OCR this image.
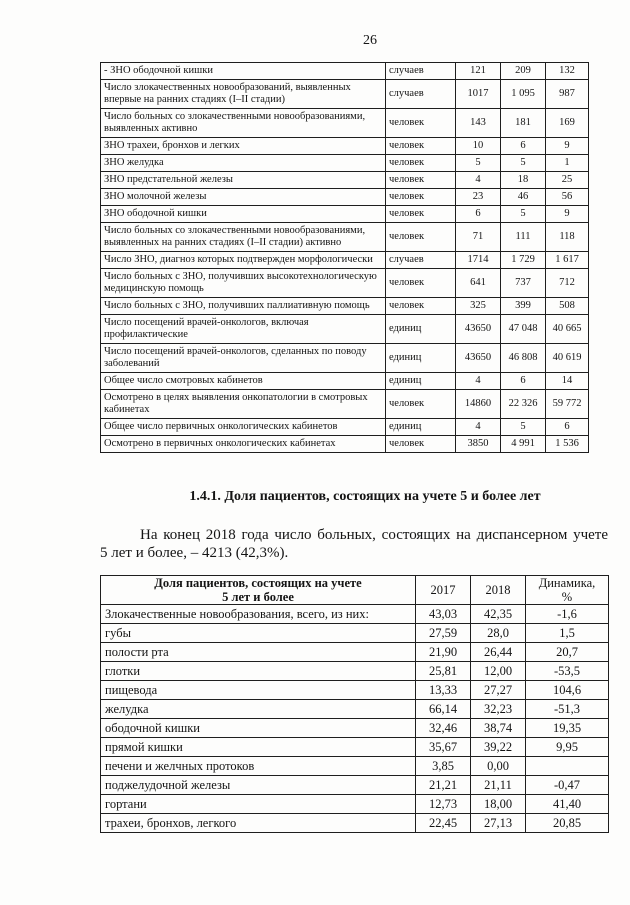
26
- ЗНО ободочной кишки	случаев	121	209	132
Число злокачественных новообразований, выявленных впервые на ранних стадиях (I–II стадии)	случаев	1017	1 095	987
Число больных со злокачественными новообразованиями, выявленных активно	человек	143	181	169
ЗНО трахеи, бронхов и легких	человек	10	6	9
ЗНО желудка	человек	5	5	1
ЗНО предстательной железы	человек	4	18	25
ЗНО молочной железы	человек	23	46	56
ЗНО ободочной кишки	человек	6	5	9
Число больных со злокачественными новообразованиями, выявленных на ранних стадиях (I–II стадии) активно	человек	71	111	118
Число ЗНО, диагноз которых подтвержден морфологически	случаев	1714	1 729	1 617
Число больных с ЗНО, получивших высокотехнологическую медицинскую помощь	человек	641	737	712
Число больных с ЗНО, получивших паллиативную помощь	человек	325	399	508
Число посещений врачей-онкологов, включая профилактические	единиц	43650	47 048	40 665
Число посещений врачей-онкологов, сделанных по поводу заболеваний	единиц	43650	46 808	40 619
Общее число смотровых кабинетов	единиц	4	6	14
Осмотрено в целях выявления онкопатологии в смотровых кабинетах	человек	14860	22 326	59 772
Общее число первичных онкологических кабинетов	единиц	4	5	6
Осмотрено в первичных онкологических кабинетах	человек	3850	4 991	1 536
1.4.1. Доля пациентов, состоящих на учете 5 и более лет

На конец 2018 года число больных, состоящих на диспансерном учете 5 лет и более, – 4213 (42,3%).

Доля пациентов, состоящих на учете
5 лет и более	2017	2018	Динамика,
%
Злокачественные новообразования, всего, из них:	43,03	42,35	-1,6
губы	27,59	28,0	1,5
полости рта	21,90	26,44	20,7
глотки	25,81	12,00	-53,5
пищевода	13,33	27,27	104,6
желудка	66,14	32,23	-51,3
ободочной кишки	32,46	38,74	19,35
прямой кишки	35,67	39,22	9,95
печени и желчных протоков	3,85	0,00	
поджелудочной железы	21,21	21,11	-0,47
гортани	12,73	18,00	41,40
трахеи, бронхов, легкого	22,45	27,13	20,85
